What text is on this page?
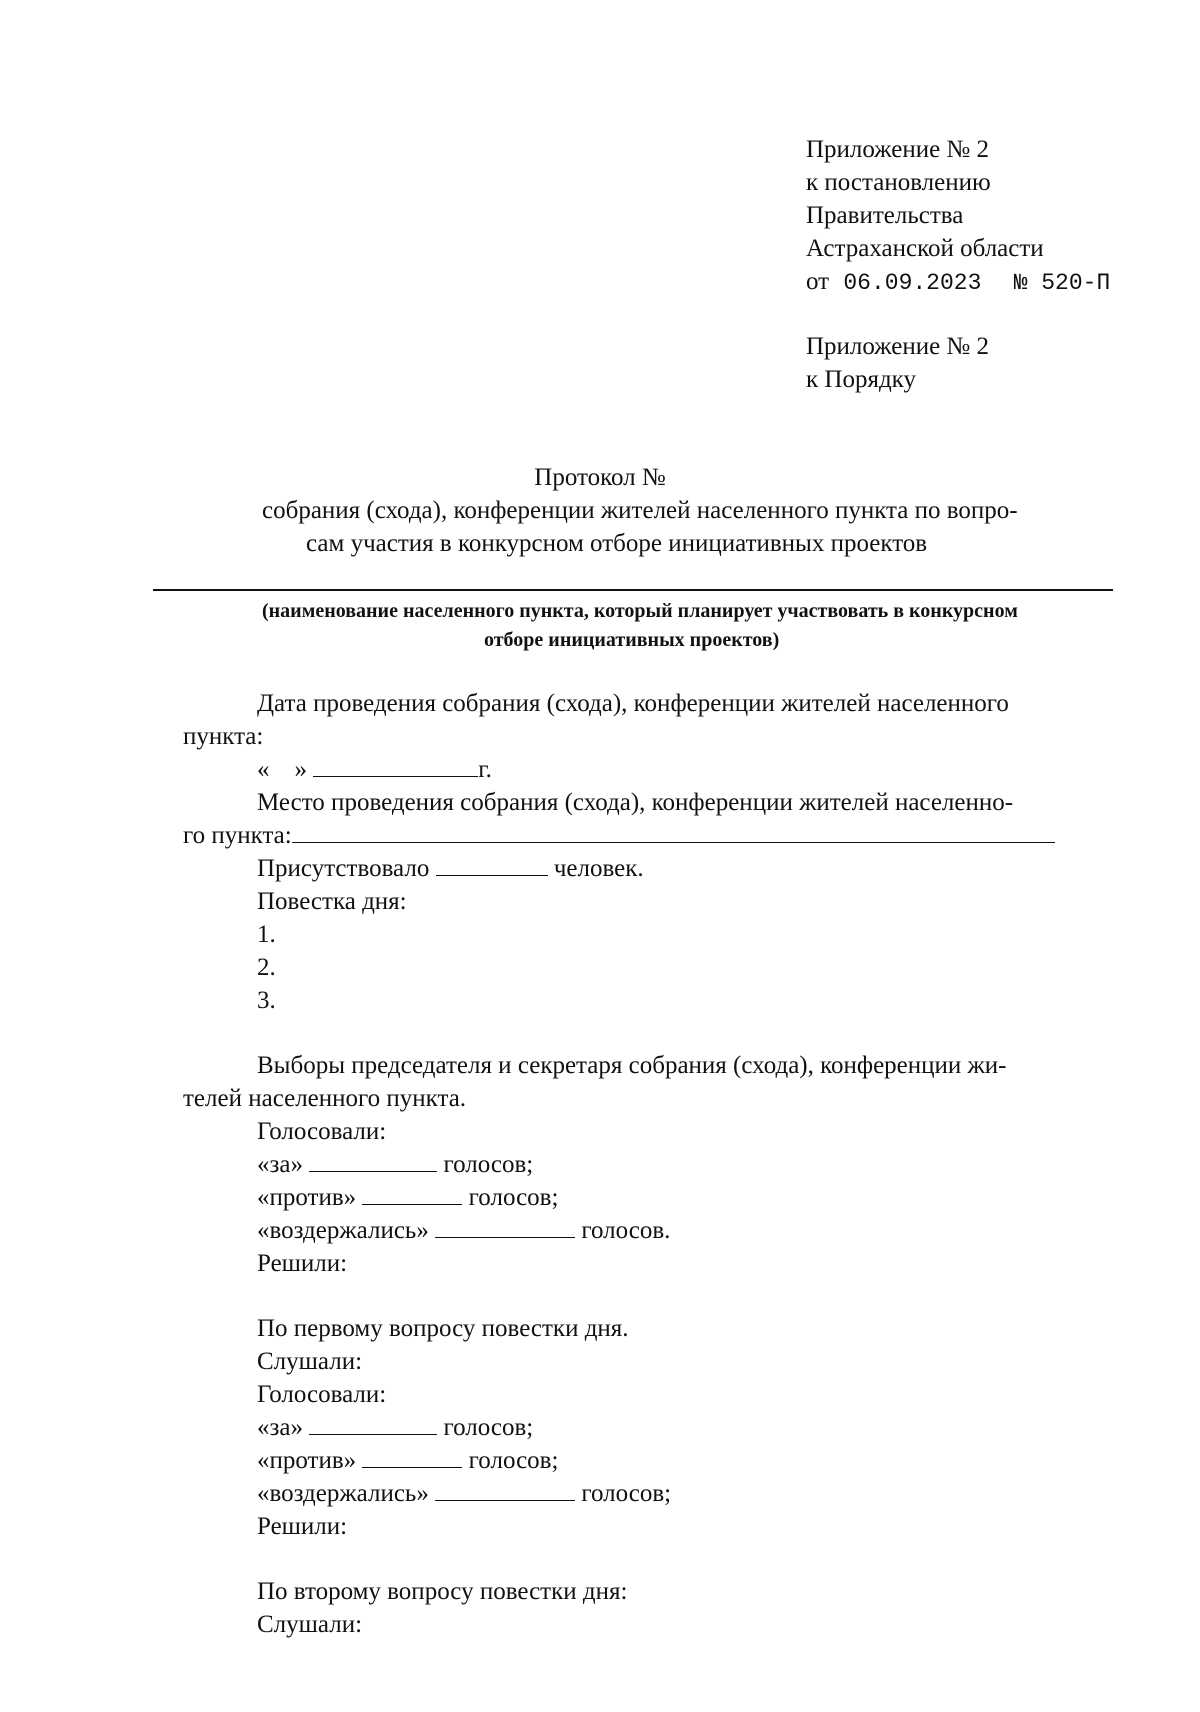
Приложение № 2
к постановлению
Правительства
Астраханской области
от 06.09.2023 № 520-П
Приложение № 2
к Порядку
Протокол №
собрания (схода), конференции жителей населенного пункта по вопро-
сам участия в конкурсном отборе инициативных проектов
(наименование населенного пункта, который планирует участвовать в конкурсном
отборе инициативных проектов)
Дата проведения собрания (схода), конференции жителей населенного
пункта:
«    »	г.
Место проведения собрания (схода), конференции жителей населенно-
го пункта:
Присутствовало	человек.
Повестка дня:
1.
2.
3.
Выборы председателя и секретаря собрания (схода), конференции жи-
телей населенного пункта.
Голосовали:
«за»	голосов;
«против»	голосов;
«воздержались»	голосов.
Решили:
По первому вопросу повестки дня.
Слушали:
Голосовали:
«за»	голосов;
«против»	голосов;
«воздержались»	голосов;
Решили:
По второму вопросу повестки дня:
Слушали:
